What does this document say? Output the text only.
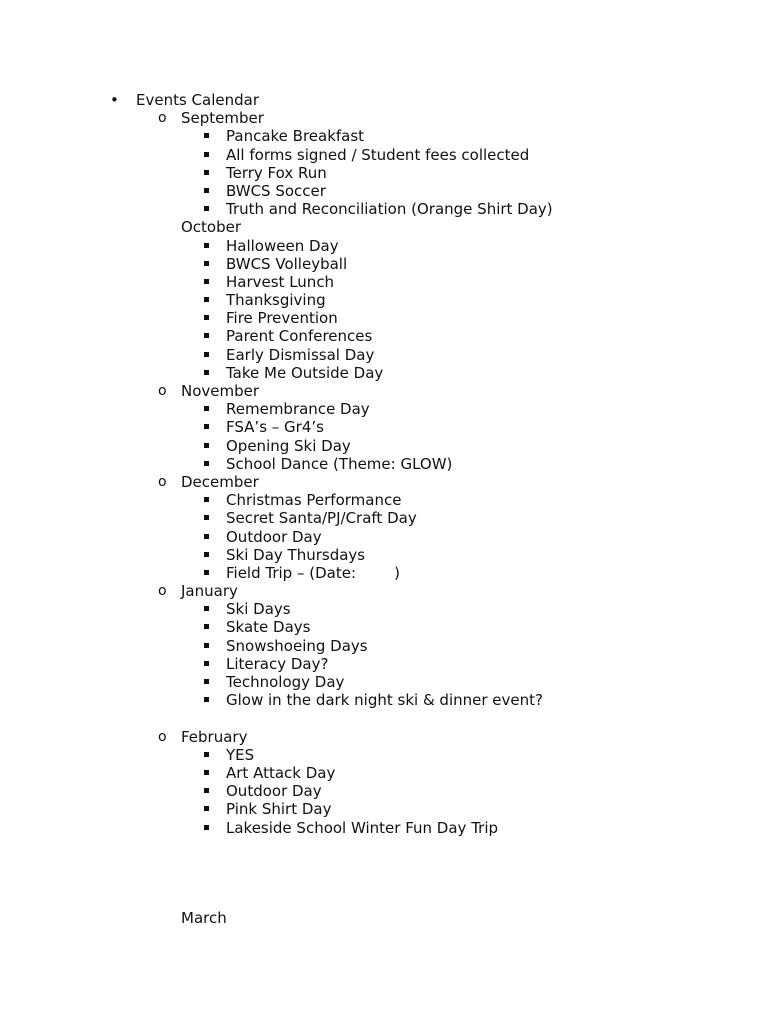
• Events Calendar
o September
Pancake Breakfast
All forms signed / Student fees collected
Terry Fox Run
BWCS Soccer
Truth and Reconciliation (Orange Shirt Day)
October
Halloween Day
BWCS Volleyball
Harvest Lunch
Thanksgiving
Fire Prevention
Parent Conferences
Early Dismissal Day
Take Me Outside Day
o November
Remembrance Day
FSA’s – Gr4’s
Opening Ski Day
School Dance (Theme: GLOW)
o December
Christmas Performance
Secret Santa/PJ/Craft Day
Outdoor Day
Ski Day Thursdays
Field Trip – (Date:        )
o January
Ski Days
Skate Days
Snowshoeing Days
Literacy Day?
Technology Day
Glow in the dark night ski & dinner event?
o February
YES
Art Attack Day
Outdoor Day
Pink Shirt Day
Lakeside School Winter Fun Day Trip
March
